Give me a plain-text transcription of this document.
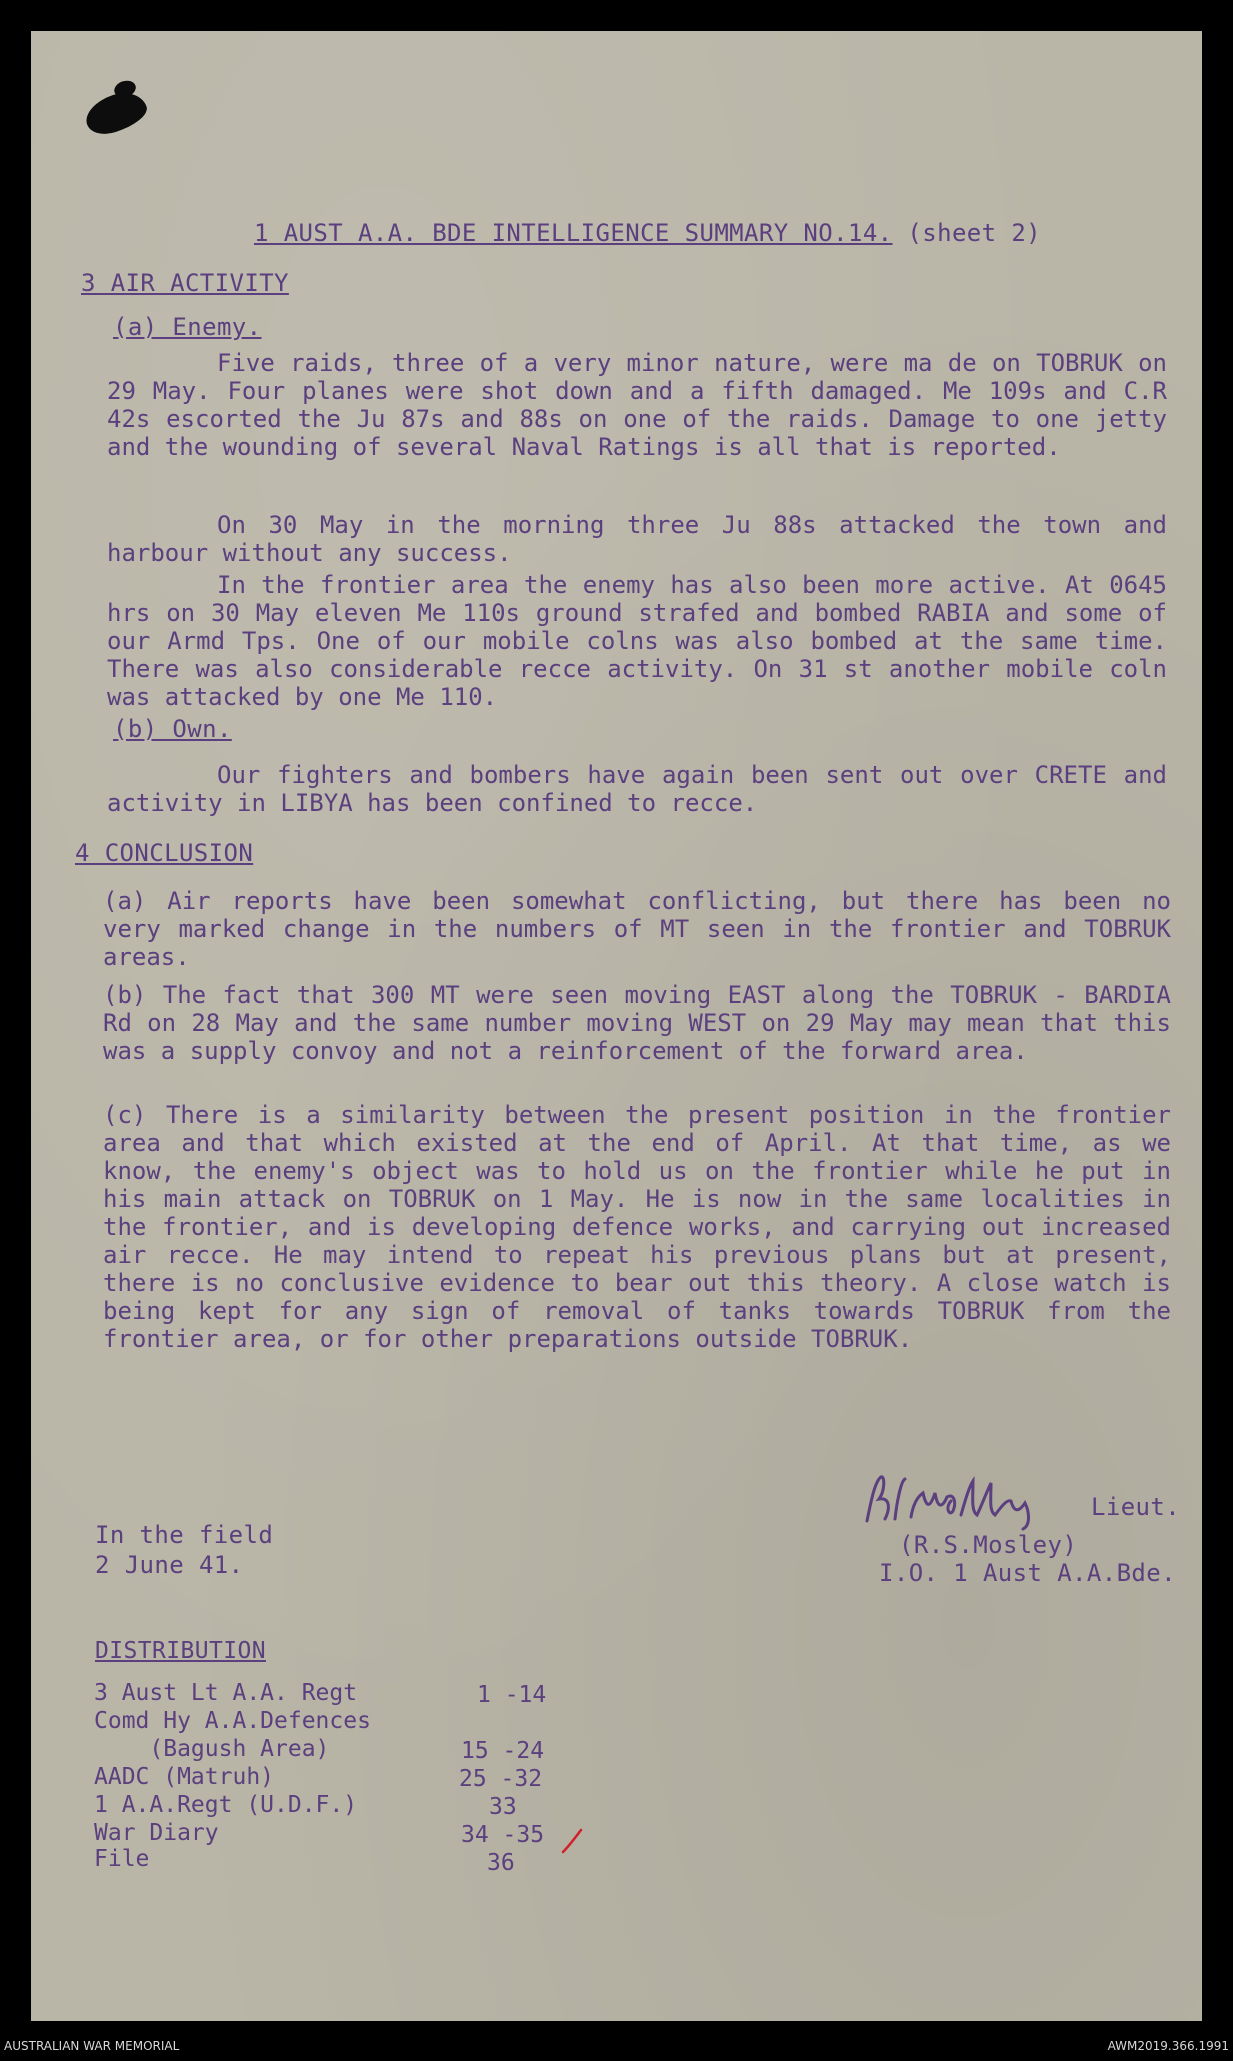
1 AUST A.A. BDE INTELLIGENCE SUMMARY NO.14. (sheet 2)
3 AIR ACTIVITY
(a) Enemy.

Five raids, three of a very minor nature, were ma de on TOBRUK on 29 May. Four planes were shot down and a fifth damaged. Me 109s and C.R 42s escorted the Ju 87s and 88s on one of the raids. Damage to one jetty and the wounding of several Naval Ratings is all that is reported.

On 30 May in the morning three Ju 88s attacked the town and harbour without any success.

In the frontier area the enemy has also been more active. At 0645 hrs on 30 May eleven Me 110s ground strafed and bombed RABIA and some of our Armd Tps. One of our mobile colns was also bombed at the same time. There was also considerable recce activity. On 31 st another mobile coln was attacked by one Me 110.

(b) Own.

Our fighters and bombers have again been sent out over CRETE and activity in LIBYA has been confined to recce.

4 CONCLUSION

(a) Air reports have been somewhat conflicting, but there has been no very marked change in the numbers of MT seen in the frontier and TOBRUK areas.

(b) The fact that 300 MT were seen moving EAST along the TOBRUK - BARDIA Rd on 28 May and the same number moving WEST on 29 May may mean that this was a supply convoy and not a reinforcement of the forward area.

(c) There is a similarity between the present position in the frontier area and that which existed at the end of April. At that time, as we know, the enemy's object was to hold us on the frontier while he put in his main attack on TOBRUK on 1 May. He is now in the same localities in the frontier, and is developing defence works, and carrying out increased air recce. He may intend to repeat his previous plans but at present, there is no conclusive evidence to bear out this theory. A close watch is being kept for any sign of removal of tanks towards TOBRUK from the frontier area, or for other preparations outside TOBRUK.

In the field
2 June 41.
Lieut.
(R.S.Mosley)
I.O. 1 Aust A.A.Bde.
DISTRIBUTION
3 Aust Lt A.A. Regt	1 -14
Comd Hy A.A.Defences
(Bagush Area)	15 -24
AADC (Matruh)	25 -32
1 A.A.Regt (U.D.F.)	33
War Diary	34 -35
File	36
AUSTRALIAN WAR MEMORIAL	AWM2019.366.1991
